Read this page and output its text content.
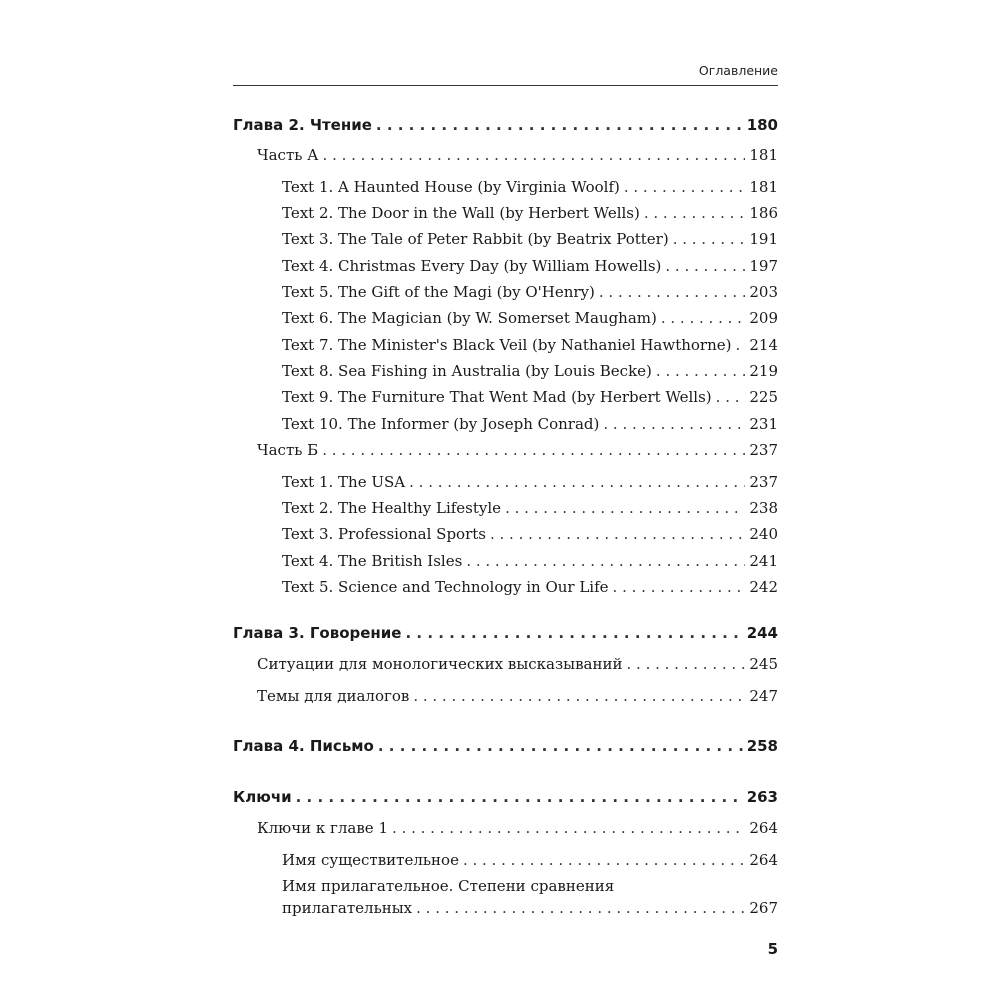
Оглавление
Глава 2. Чтение . . .	180
Часть А . . .	181
Text 1. A Haunted House (by Virginia Woolf) . . .	181
Text 2. The Door in the Wall (by Herbert Wells) . . .	186
Text 3. The Tale of Peter Rabbit (by Beatrix Potter) . . .	191
Text 4. Christmas Every Day (by William Howells) . . .	197
Text 5. The Gift of the Magi (by O'Henry) . . .	203
Text 6. The Magician (by W. Somerset Maugham) . . .	209
Text 7. The Minister's Black Veil (by Nathaniel Hawthorne) . . . 214
Text 8. Sea Fishing in Australia (by Louis Becke) . . .	219
Text 9. The Furniture That Went Mad (by Herbert Wells) . . .	225
Text 10. The Informer (by Joseph Conrad) . . .	231
Часть Б . . .	237
Text 1. The USA . . .	237
Text 2. The Healthy Lifestyle . . .	238
Text 3. Professional Sports . . .	240
Text 4. The British Isles . . .	241
Text 5. Science and Technology in Our Life . . .	242
Глава 3. Говорение . . .	244
Ситуации для монологических высказываний . . .	245
Темы для диалогов . . .	247
Глава 4. Письмо . . .	258
Ключи . . .	263
Ключи к главе 1 . . .	264
Имя существительное . . .	264
Имя прилагательное. Степени сравнения
прилагательных . . .	267
5
